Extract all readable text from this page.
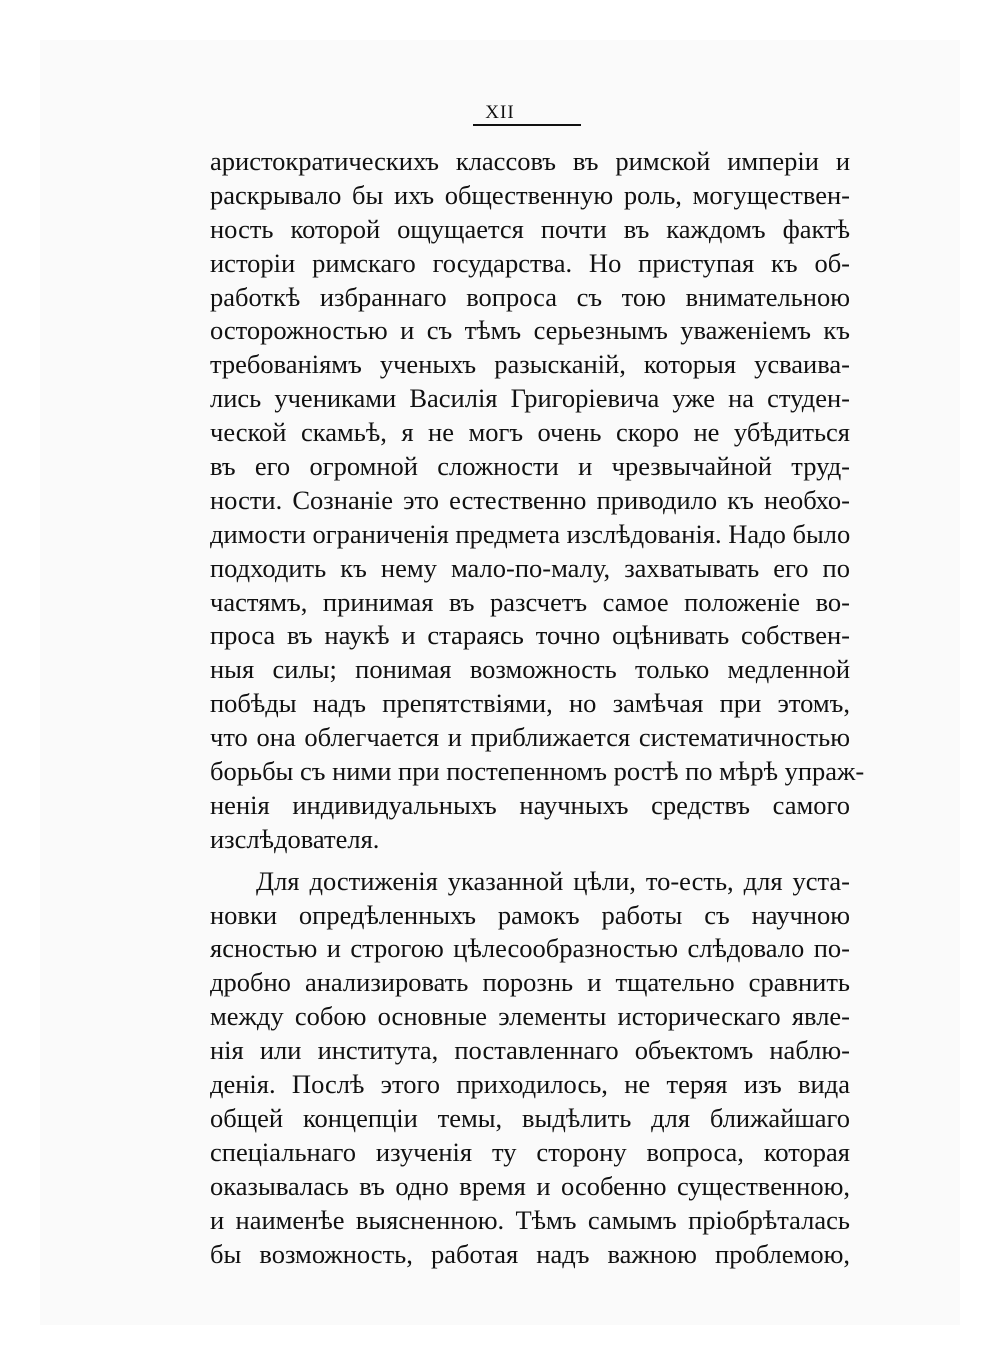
XII
аристократическихъ классовъ въ римской имперіи и
раскрывало бы ихъ общественную роль, могуществен-
ность которой ощущается почти въ каждомъ фактѣ
исторіи римскаго государства. Но приступая къ об-
работкѣ избраннаго вопроса съ тою внимательною
осторожностью и съ тѣмъ серьезнымъ уваженіемъ къ
требованіямъ ученыхъ разысканій, которыя усваива-
лись учениками Василія Григоріевича уже на студен-
ческой скамьѣ, я не могъ очень скоро не убѣдиться
въ его огромной сложности и чрезвычайной труд-
ности. Сознаніе это естественно приводило къ необхо-
димости ограниченія предмета изслѣдованія. Надо было
подходить къ нему мало-по-малу, захватывать его по
частямъ, принимая въ разсчетъ самое положеніе во-
проса въ наукѣ и стараясь точно оцѣнивать собствен-
ныя силы; понимая возможность только медленной
побѣды надъ препятствіями, но замѣчая при этомъ,
что она облегчается и приближается систематичностью
борьбы съ ними при постепенномъ ростѣ по мѣрѣ упраж-
ненія индивидуальныхъ научныхъ средствъ самого
изслѣдователя.
Для достиженія указанной цѣли, то-есть, для уста-
новки опредѣленныхъ рамокъ работы съ научною
ясностью и строгою цѣлесообразностью слѣдовало по-
дробно анализировать порознь и тщательно сравнить
между собою основные элементы историческаго явле-
нія или института, поставленнаго объектомъ наблю-
денія. Послѣ этого приходилось, не теряя изъ вида
общей концепціи темы, выдѣлить для ближайшаго
спеціальнаго изученія ту сторону вопроса, которая
оказывалась въ одно время и особенно существенною,
и наименѣе выясненною. Тѣмъ самымъ пріобрѣталась
бы возможность, работая надъ важною проблемою,
